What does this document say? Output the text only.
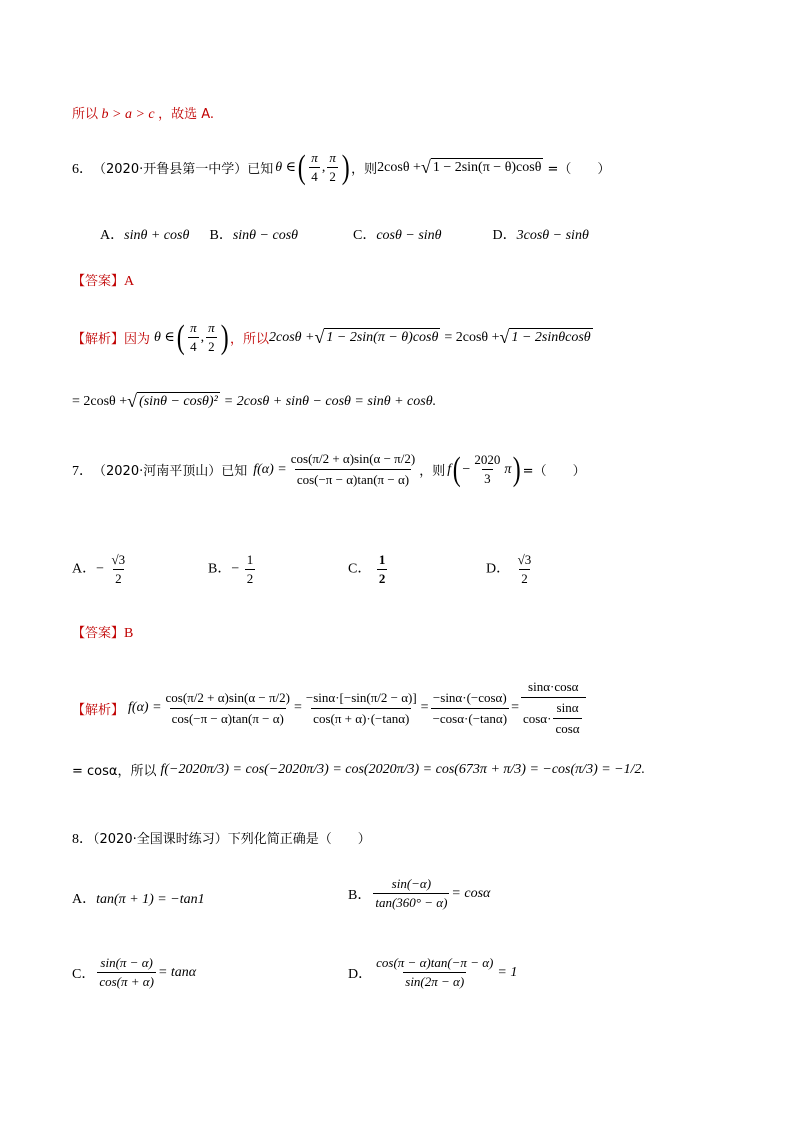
所以 b > a > c ，故选 A.
6． （2020·开鲁县第一中学）已知 θ ∈ ( $\frac{\pi}{4}$ , $\frac{\pi}{2}$ ) ，则 2cosθ + √ 1 − 2sin(π − θ)cosθ =（　　）
A．sinθ + cosθ B．sinθ − cosθ	C．cosθ − sinθ	D．3cosθ − sinθ
【答案】A
【解析】 因为 θ ∈ ( $\frac{\pi}{4}$ , $\frac{\pi}{2}$ ) ，所以 2cosθ + √ 1 − 2sin(π − θ)cosθ = 2cosθ + √ 1 − 2sinθcosθ
= 2cosθ + √ (sinθ − cosθ)² = 2cosθ + sinθ − cosθ = sinθ + cosθ.
7． （2020·河南平顶山）已知 $f(\alpha) = \frac{\cos(\pi/2 + \alpha)\sin(\alpha - \pi/2)}{\cos(-\pi - \alpha)\tan(\pi - \alpha)}$ ，则 f ( − $\frac{2020}{3}$ π ) =（　　）
A．− $\frac{√3}{2}$	B．− $\frac{1}{2}$	C． $\frac{1}{2}$	D． $\frac{√3}{2}$
【答案】B
【解析】 $f(\alpha) = \frac{\cos(\pi/2 + \alpha)\sin(\alpha - \pi/2)}{\cos(-\pi - \alpha)\tan(\pi - \alpha)} = \frac{-\sin\alpha\cdot[-\sin(\pi/2 - \alpha)]}{\cos(\pi + \alpha)\cdot(-\tan\alpha)} = \frac{-\sin\alpha\cdot(-\cos\alpha)}{-\cos\alpha\cdot(-\tan\alpha)} = \frac{\sin\alpha\cdot\cos\alpha}{\cos\alpha\cdot \frac{\sin\alpha}{\cos\alpha}}$
= cosα，所以 f(−2020π/3) = cos(−2020π/3) = cos(2020π/3) = cos(673π + π/3) = −cos(π/3) = −1/2.
8．（2020·全国课时练习）下列化简正确是（　　）
A．tan(π + 1) = −tan1	B． $\frac{\sin(-\alpha)}{\tan(360^\circ - \alpha)} = \cos\alpha$
C． $\frac{\sin(\pi - \alpha)}{\cos(\pi + \alpha)} = \tan\alpha$	D． $\frac{\cos(\pi - \alpha)\tan(-\pi - \alpha)}{\sin(2\pi - \alpha)} = 1$
